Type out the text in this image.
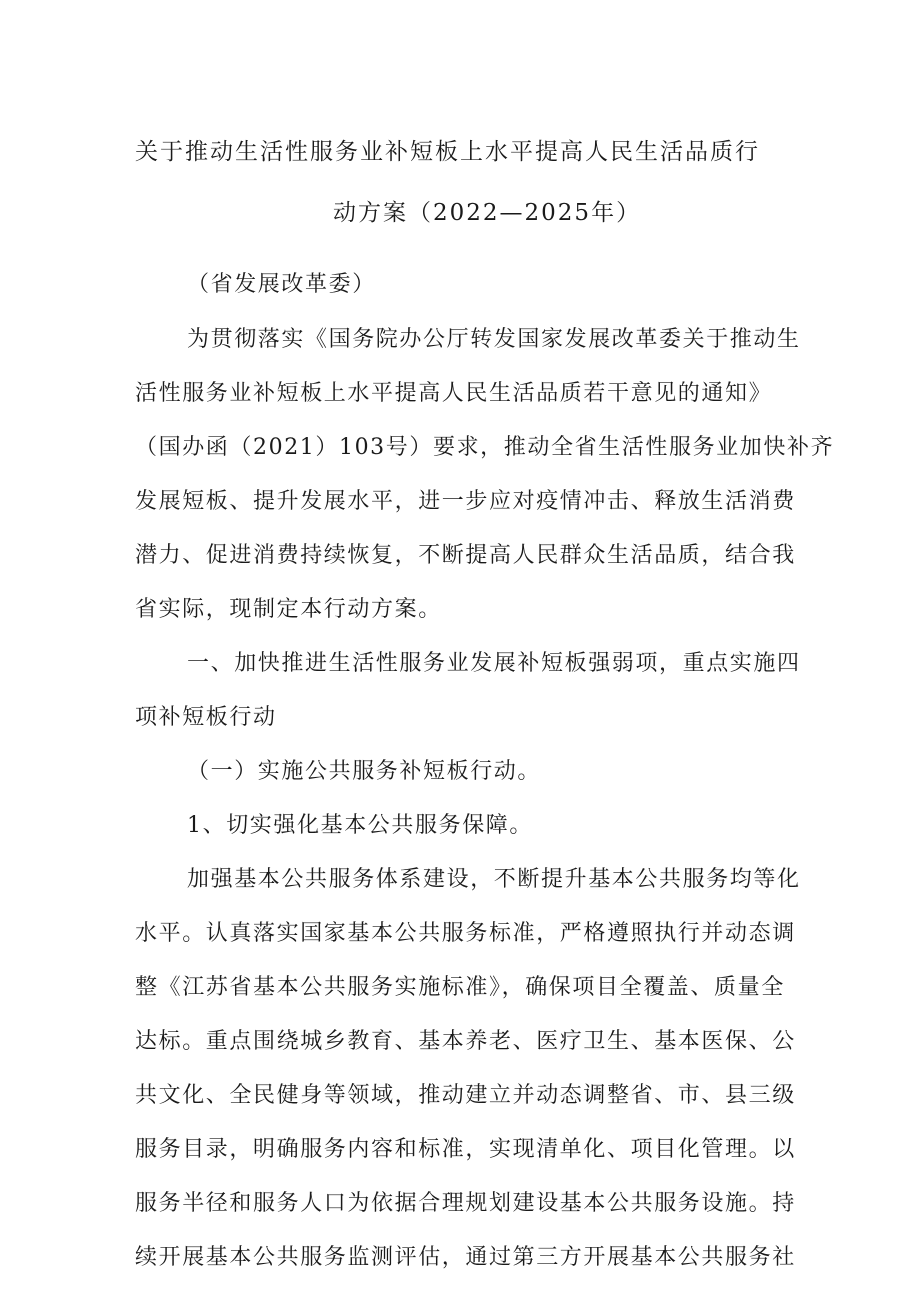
关于推动生活性服务业补短板上水平提高人民生活品质行
动方案（2022—2025年）
（省发展改革委）
为贯彻落实《国务院办公厅转发国家发展改革委关于推动生
活性服务业补短板上水平提高人民生活品质若干意见的通知》
（国办函（2021）103号）要求，推动全省生活性服务业加快补齐
发展短板、提升发展水平，进一步应对疫情冲击、释放生活消费
潜力、促进消费持续恢复，不断提高人民群众生活品质，结合我
省实际，现制定本行动方案。
一、加快推进生活性服务业发展补短板强弱项，重点实施四
项补短板行动
（一）实施公共服务补短板行动。
1、切实强化基本公共服务保障。
加强基本公共服务体系建设，不断提升基本公共服务均等化
水平。认真落实国家基本公共服务标准，严格遵照执行并动态调
整《江苏省基本公共服务实施标准》，确保项目全覆盖、质量全
达标。重点围绕城乡教育、基本养老、医疗卫生、基本医保、公
共文化、全民健身等领域，推动建立并动态调整省、市、县三级
服务目录，明确服务内容和标准，实现清单化、项目化管理。以
服务半径和服务人口为依据合理规划建设基本公共服务设施。持
续开展基本公共服务监测评估，通过第三方开展基本公共服务社
